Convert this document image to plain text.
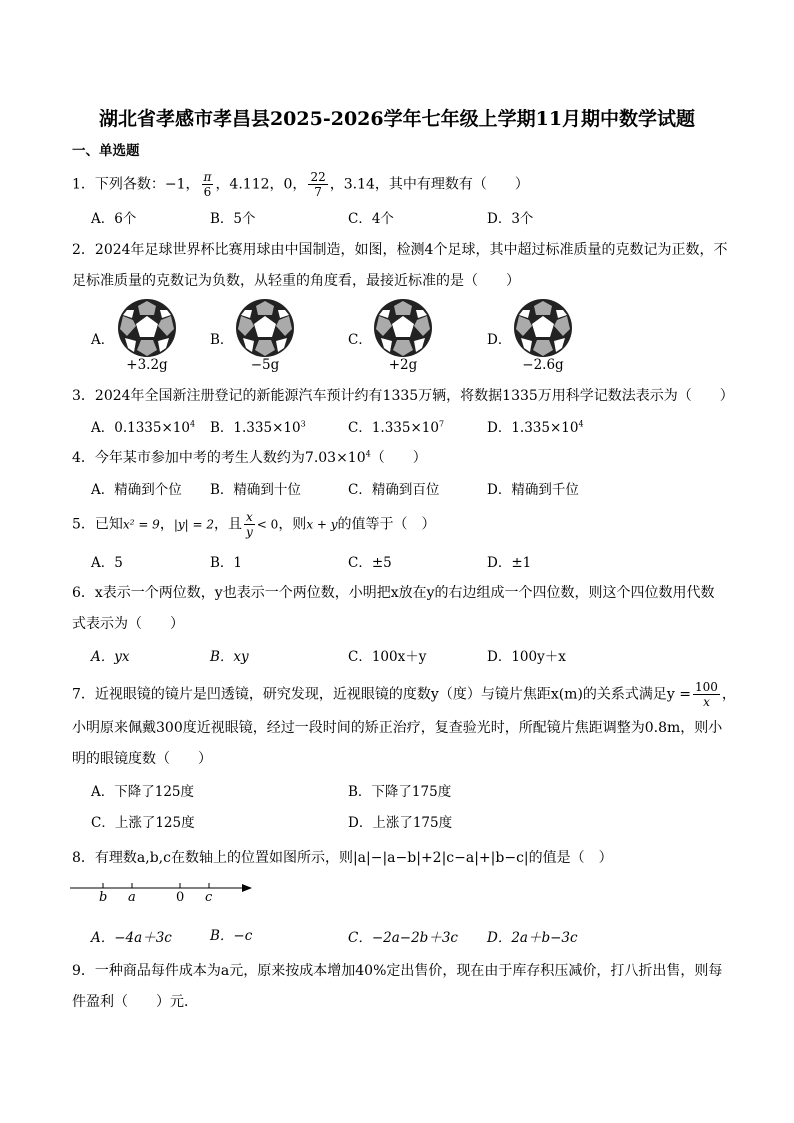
湖北省孝感市孝昌县2025-2026学年七年级上学期11月期中数学试题
一、单选题
1．下列各数：−1， $\frac{\pi}{6}$ ，4.112，0， $\frac{22}{7}$ ，3.14，其中有理数有（　　）
A．6个	B．5个	C．4个	D．3个
2．2024年足球世界杯比赛用球由中国制造，如图，检测4个足球，其中超过标准质量的克数记为正数，不
足标准质量的克数记为负数，从轻重的角度看，最接近标准的是（　　）
A．
+3.2g
B．
−5g
C．
+2g
D．
−2.6g
3．2024年全国新注册登记的新能源汽车预计约有1335万辆，将数据1335万用科学记数法表示为（　　）
A．$0.1335\times 10^4$ B．$1.335\times 10^3$	C．$1.335\times 10^7$	D．$1.335\times 10^4$
4．今年某市参加中考的考生人数约为$7.03\times 10^4$（　　）
A．精确到个位 B．精确到十位	C．精确到百位	D．精确到千位
5．已知x² = 9，|y| = 2，且 $\frac{x}{y} < 0$，则x + y的值等于（　）
A．5	B．1	C．±5	D．±1
6．x表示一个两位数，y也表示一个两位数，小明把x放在y的右边组成一个四位数，则这个四位数用代数
式表示为（　　）
A．yx	B．xy	C．100x＋y	D．100y＋x
7．近视眼镜的镜片是凹透镜，研究发现，近视眼镜的度数y（度）与镜片焦距x(m)的关系式满足$y = \frac{100}{x}$ ，
小明原来佩戴300度近视眼镜，经过一段时间的矫正治疗，复查验光时，所配镜片焦距调整为0.8m，则小
明的眼镜度数（　　）
A．下降了125度	B．下降了175度
C．上涨了125度	D．上涨了175度
8．有理数a,b,c在数轴上的位置如图所示，则|a|−|a−b|+2|c−a|+|b−c|的值是（　）
b a	0 c
A．−4a＋3c	B．−c	C．−2a−2b＋3c D．2a＋b−3c
9．一种商品每件成本为a元，原来按成本增加40%定出售价，现在由于库存积压减价，打八折出售，则每
件盈利（　　）元．
